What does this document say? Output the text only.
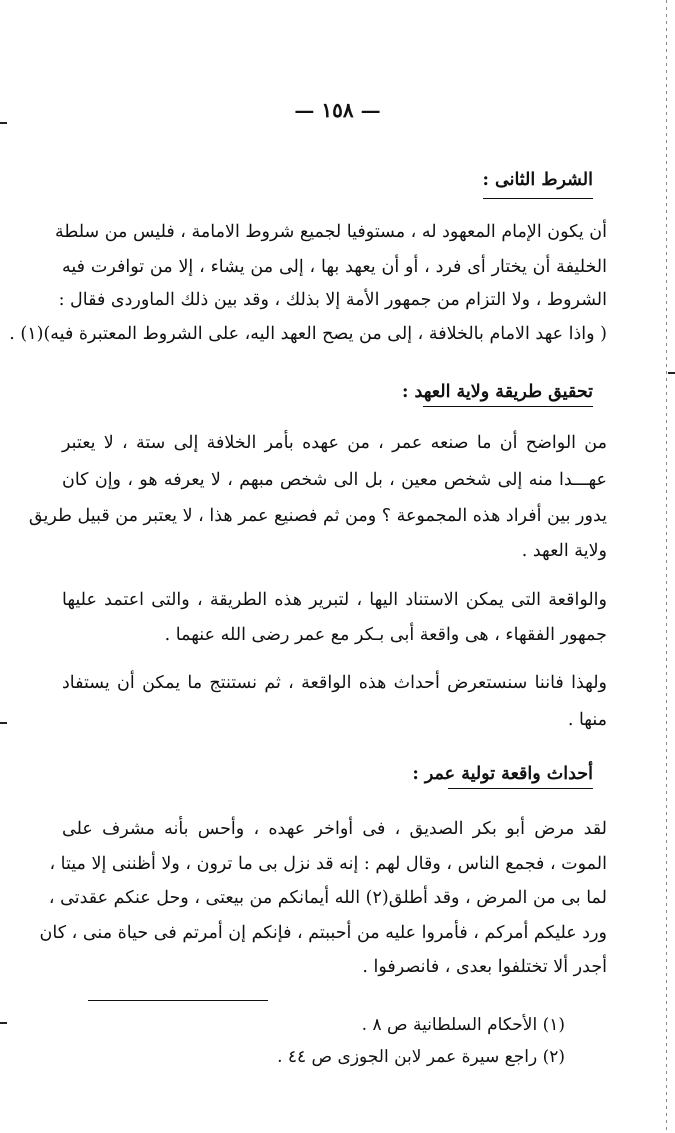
— ١٥٨ —
الشرط الثانى :
أن يكون الإمام المعهود له ، مستوفيا لجميع شروط الامامة ، فليس من سلطة
الخليفة أن يختار أى فرد ، أو أن يعهد بها ، إلى من يشاء ، إلا من توافرت فيه
الشروط ، ولا التزام من جمهور الأمة إلا بذلك ، وقد بين ذلك الماوردى فقال :
( واذا عهد الامام بالخلافة ، إلى من يصح العهد اليه، على الشروط المعتبرة فيه)(١) .
تحقيق طريقة ولاية العهد :
من الواضح أن ما صنعه عمر ، من عهده بأمر الخلافة إلى ستة ، لا يعتبر
عهـــدا منه إلى شخص معين ، بل الى شخص مبهم ، لا يعرفه هو ، وإن كان
يدور بين أفراد هذه المجموعة ؟ ومن ثم فصنيع عمر هذا ، لا يعتبر من قبيل طريق
ولاية العهد .
والواقعة التى يمكن الاستناد اليها ، لتبرير هذه الطريقة ، والتى اعتمد عليها
جمهور الفقهاء ، هى واقعة أبى بـكر مع عمر رضى الله عنهما .
ولهذا فاننا سنستعرض أحداث هذه الواقعة ، ثم نستنتج ما يمكن أن يستفاد
منها .
أحداث واقعة تولية عمر :
لقد مرض أبو بكر الصديق ، فى أواخر عهده ، وأحس بأنه مشرف على
الموت ، فجمع الناس ، وقال لهم : إنه قد نزل بى ما ترون ، ولا أظننى إلا ميتا ،
لما بى من المرض ، وقد أطلق(٢) الله أيمانكم من بيعتى ، وحل عنكم عقدتى ،
ورد عليكم أمركم ، فأمروا عليه من أحببتم ، فإنكم إن أمرتم فى حياة منى ، كان
أجدر ألا تختلفوا بعدى ، فانصرفوا .
(١) الأحكام السلطانية ص ٨ .
(٢) راجع سيرة عمر لابن الجوزى ص ٤٤ .
